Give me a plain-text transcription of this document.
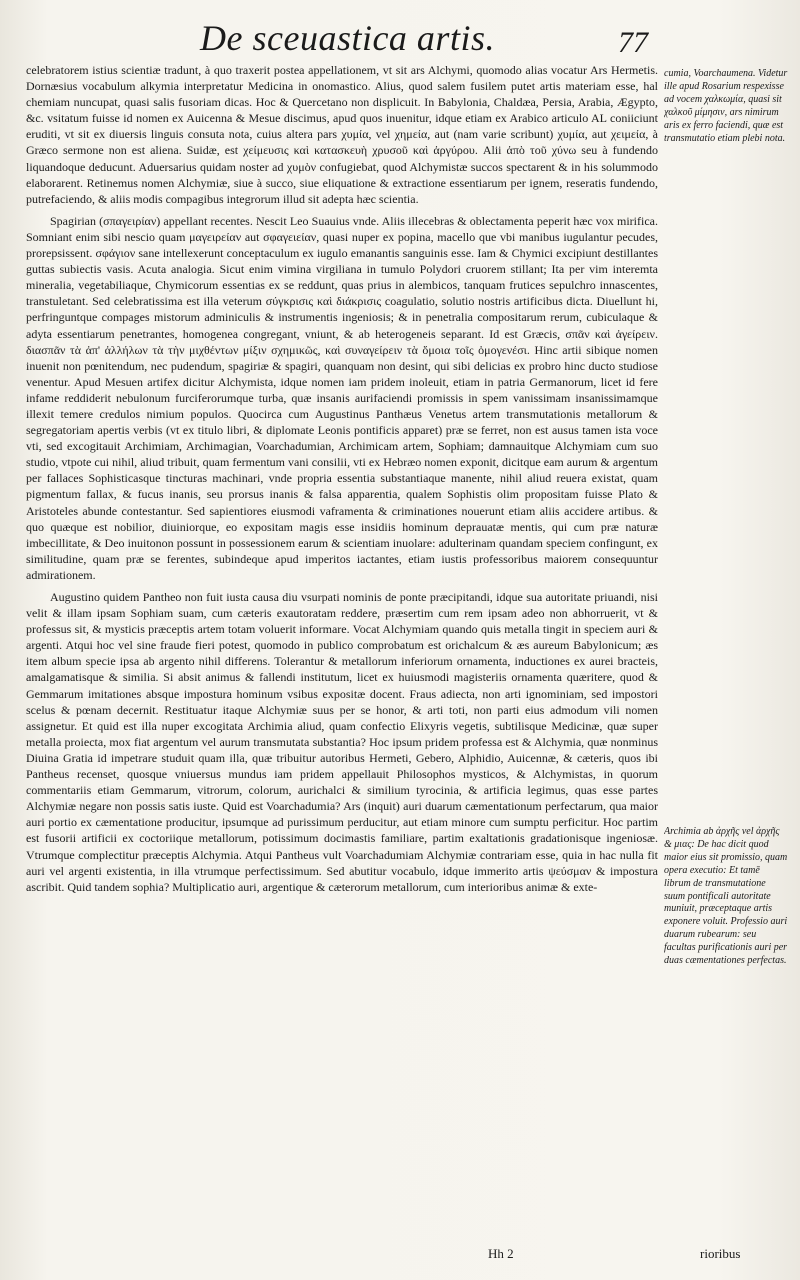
De sceuastica artis.	77

celebratorem istius scientiæ tradunt, à quo traxerit postea appellationem, vt sit ars Alchymi, quomodo alias vocatur Ars Hermetis. Dornæsius vocabulum alkymia interpretatur Medicina in onomastico. Alius, quod salem fusilem putet artis materiam esse, hal chemiam nuncupat, quasi salis fusoriam dicas. Hoc & Quercetano non displicuit. In Babylonia, Chaldæa, Persia, Arabia, Ægypto, &c. vsitatum fuisse id nomen ex Auicenna & Mesue discimus, apud quos inuenitur, idque etiam ex Arabico articulo AL coniiciunt eruditi, vt sit ex diuersis linguis consuta nota, cuius altera pars χυμία, vel χημεία, aut (nam varie scribunt) χυμία, aut χειμεία, à Græco sermone non est aliena. Suidæ, est χείμευσις καὶ κατασκευὴ χρυσοῦ καὶ ἀργύρου. Alii ἀπὸ τοῦ χύνω seu à fundendo liquandoque deducunt. Aduersarius quidam noster ad χυμὸν confugiebat, quod Alchymistæ succos spectarent & in his solummodo elaborarent. Retinemus nomen Alchymiæ, siue à succo, siue eliquatione & extractione essentiarum per ignem, reseratis fundendo, putrefaciendo, & aliis modis compagibus integrorum illud sit adepta hæc scientia.

Spagirian (σπαγειρίαν) appellant recentes. Nescit Leo Suauius vnde. Aliis illecebras & oblectamenta peperit hæc vox mirifica. Somniant enim sibi nescio quam μαγειρείαν aut σφαγειείαν, quasi nuper ex popina, macello que vbi manibus iugulantur pecudes, prorepsissent. σφάγιον sane intellexerunt conceptaculum ex iugulo emanantis sanguinis esse. Iam & Chymici excipiunt destillantes guttas subiectis vasis. Acuta analogia. Sicut enim vimina virgiliana in tumulo Polydori cruorem stillant; Ita per vim interemta mineralia, vegetabiliaque, Chymicorum essentias ex se reddunt, quas prius in alembicos, tanquam frutices sepulchro innascentes, transtuletant. Sed celebratissima est illa veterum σύγκρισις καὶ διάκρισις coagulatio, solutio nostris artificibus dicta. Diuellunt hi, perfringuntque compages mistorum adminiculis & instrumentis ingeniosis; & in penetralia compositarum rerum, cubiculaque & adyta essentiarum penetrantes, homogenea congregant, vniunt, & ab heterogeneis separant. Id est Græcis, σπᾶν καὶ ἀγείρειν. διασπᾶν τὰ ἀπ' ἀλλήλων τὰ τὴν μιχθέντων μίξιν σχημικῶς, καὶ συναγείρειν τὰ ὅμοια τοῖς ὁμογενέσι. Hinc artii sibique nomen inuenit non pœnitendum, nec pudendum, spagiriæ & spagiri, quanquam non desint, qui sibi delicias ex probro hinc ducto studiose venentur. Apud Mesuen artifex dicitur Alchymista, idque nomen iam pridem inoleuit, etiam in patria Germanorum, licet id fere infame reddiderit nebulonum furciferorumque turba, quæ insanis aurifaciendi promissis in spem vanissimam insanissimamque illexit temere credulos nimium populos. Quocirca cum Augustinus Panthæus Venetus artem transmutationis metallorum & segregatoriam apertis verbis (vt ex titulo libri, & diplomate Leonis pontificis apparet) præ se ferret, non est ausus tamen ista voce vti, sed excogitauit Archimiam, Archimagian, Voarchadumian, Archimicam artem, Sophiam; damnauitque Alchymiam cum suo studio, vtpote cui nihil, aliud tribuit, quam fermentum vani consilii, vti ex Hebræo nomen exponit, dicitque eam aurum & argentum per fallaces Sophisticasque tincturas machinari, vnde propria essentia substantiaque manente, nihil aliud reuera existat, quam pigmentum fallax, & fucus inanis, seu prorsus inanis & falsa apparentia, qualem Sophistis olim propositam fuisse Plato & Aristoteles abunde contestantur. Sed sapientiores eiusmodi vaframenta & criminationes nouerunt etiam aliis accidere artibus. & quo quæque est nobilior, diuiniorque, eo expositam magis esse insidiis hominum deprauatæ mentis, qui cum præ naturæ imbecillitate, & Deo inuitonon possunt in possessionem earum & scientiam inuolare: adulterinam quandam speciem confingunt, ex similitudine, quam præ se ferentes, subindeque apud imperitos iactantes, etiam iustis professoribus maiorem consequuntur admirationem.

Augustino quidem Pantheo non fuit iusta causa diu vsurpati nominis de ponte præcipitandi, idque sua autoritate priuandi, nisi velit & illam ipsam Sophiam suam, cum cæteris exautoratam reddere, præsertim cum rem ipsam adeo non abhorruerit, vt & professus sit, & mysticis præceptis artem totam voluerit informare. Vocat Alchymiam quando quis metalla tingit in speciem auri & argenti. Atqui hoc vel sine fraude fieri potest, quomodo in publico comprobatum est orichalcum & æs aureum Babylonicum; æs item album specie ipsa ab argento nihil differens. Tolerantur & metallorum inferiorum ornamenta, inductiones ex aurei bracteis, amalgamatisque & similia. Si absit animus & fallendi institutum, licet ex huiusmodi magisteriis ornamenta quæritere, quod & Gemmarum imitationes absque impostura hominum vsibus expositæ docent. Fraus adiecta, non arti ignominiam, sed impostori scelus & pœnam decernit. Restituatur itaque Alchymiæ suus per se honor, & arti toti, non parti eius admodum vili nomen assignetur. Et quid est illa nuper excogitata Archimia aliud, quam confectio Elixyris vegetis, subtilisque Medicinæ, quæ super metalla proiecta, mox fiat argentum vel aurum transmutata substantia? Hoc ipsum pridem professa est & Alchymia, quæ nonminus Diuina Gratia id impetrare studuit quam illa, quæ tribuitur autoribus Hermeti, Gebero, Alphidio, Auicennæ, & cæteris, quos ibi Pantheus recenset, quosque vniuersus mundus iam pridem appellauit Philosophos mysticos, & Alchymistas, in quorum commentariis etiam Gemmarum, vitrorum, colorum, aurichalci & similium tyrocinia, & artificia legimus, quas esse partes Alchymiæ negare non possis satis iuste. Quid est Voarchadumia? Ars (inquit) auri duarum cæmentationum perfectarum, qua maior auri portio ex cæmentatione producitur, ipsumque ad purissimum perducitur, aut etiam minore cum sumptu perficitur. Hoc partim est fusorii artificii ex coctoriique metallorum, potissimum docimastis familiare, partim exaltationis gradationisque ingeniosæ. Vtrumque complectitur præceptis Alchymia. Atqui Pantheus vult Voarchadumiam Alchymiæ contrariam esse, quia in hac nulla fit auri vel argenti existentia, in illa vtrumque perfectissimum. Sed abutitur vocabulo, idque immerito artis ψεύσμαν & impostura ascribit. Quid tandem sophia? Multiplicatio auri, argentique & cæterorum metallorum, cum interioribus animæ & exte-

cumia, Voarchaumena. Videtur ille apud Rosarium respexisse ad vocem χαλκωμία, quasi sit χαλκοῦ μίμησιν, ars nimirum aris ex ferro faciendi, quæ est transmutatio etiam plebi nota.
Archimia ab ἀρχῆς vel ἀρχῆς & μιας: De hac dicit quod maior eius sit promissio, quam opera executio: Et tamē librum de transmutatione suum pontificali autoritate muniuit, præceptaque artis exponere voluit. Professio auri duarum rubearum: seu facultas purificationis auri per duas cæmentationes perfectas.
Hh 2	rioribus
